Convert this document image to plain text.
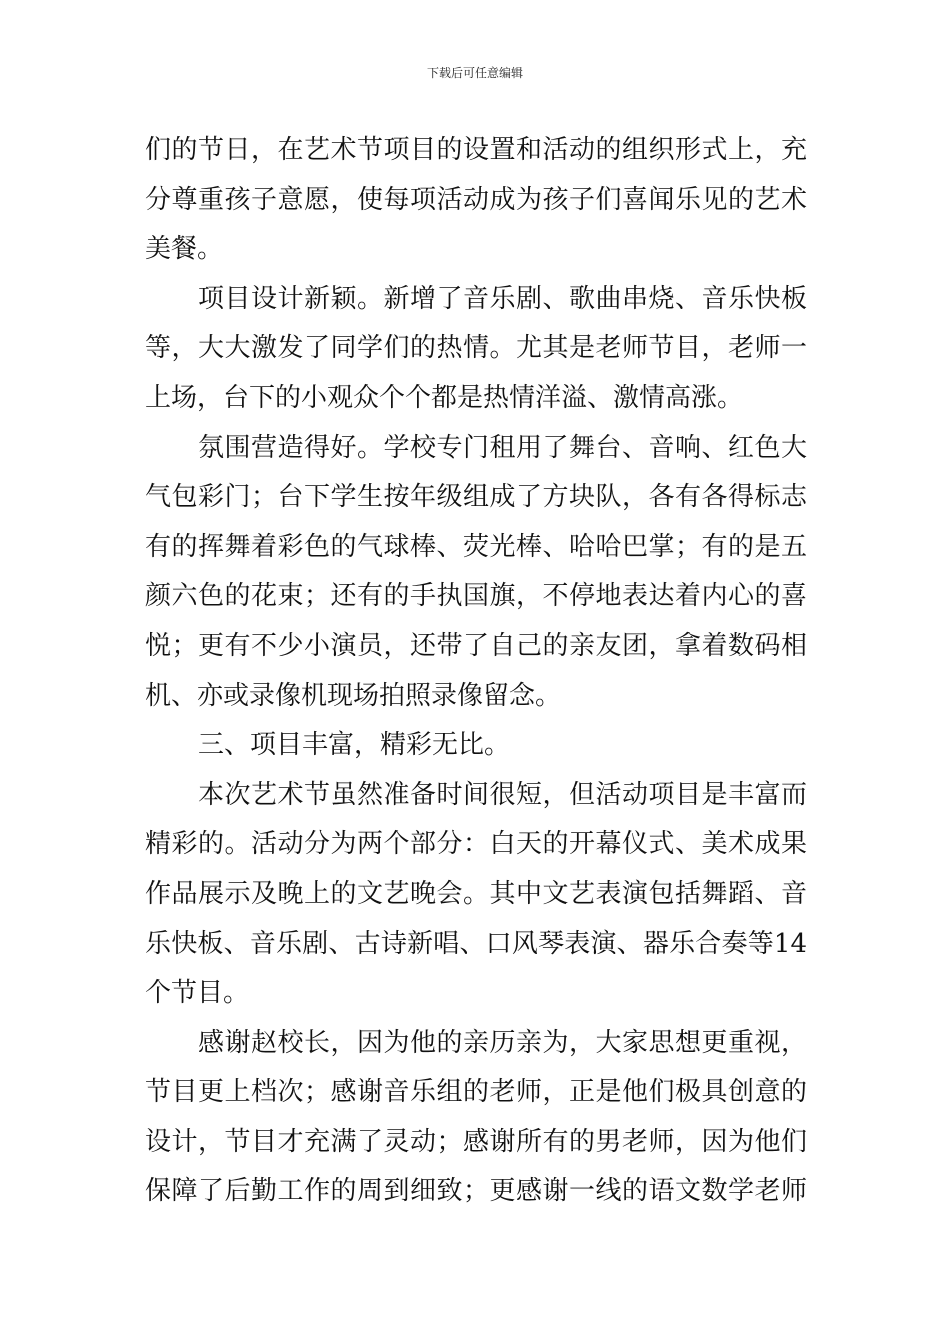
下载后可任意编辑
们的节日，在艺术节项目的设置和活动的组织形式上，充
分尊重孩子意愿，使每项活动成为孩子们喜闻乐见的艺术
美餐。
项目设计新颖。新增了音乐剧、歌曲串烧、音乐快板
等，大大激发了同学们的热情。尤其是老师节目，老师一
上场，台下的小观众个个都是热情洋溢、激情高涨。
氛围营造得好。学校专门租用了舞台、音响、红色大
气包彩门；台下学生按年级组成了方块队，各有各得标志
有的挥舞着彩色的气球棒、荧光棒、哈哈巴掌；有的是五
颜六色的花束；还有的手执国旗，不停地表达着内心的喜
悦；更有不少小演员，还带了自己的亲友团，拿着数码相
机、亦或录像机现场拍照录像留念。
三、项目丰富，精彩无比。
本次艺术节虽然准备时间很短，但活动项目是丰富而
精彩的。活动分为两个部分：白天的开幕仪式、美术成果
作品展示及晚上的文艺晚会。其中文艺表演包括舞蹈、音
乐快板、音乐剧、古诗新唱、口风琴表演、器乐合奏等14
个节目。
感谢赵校长，因为他的亲历亲为，大家思想更重视，
节目更上档次；感谢音乐组的老师，正是他们极具创意的
设计，节目才充满了灵动；感谢所有的男老师，因为他们
保障了后勤工作的周到细致；更感谢一线的语文数学老师
